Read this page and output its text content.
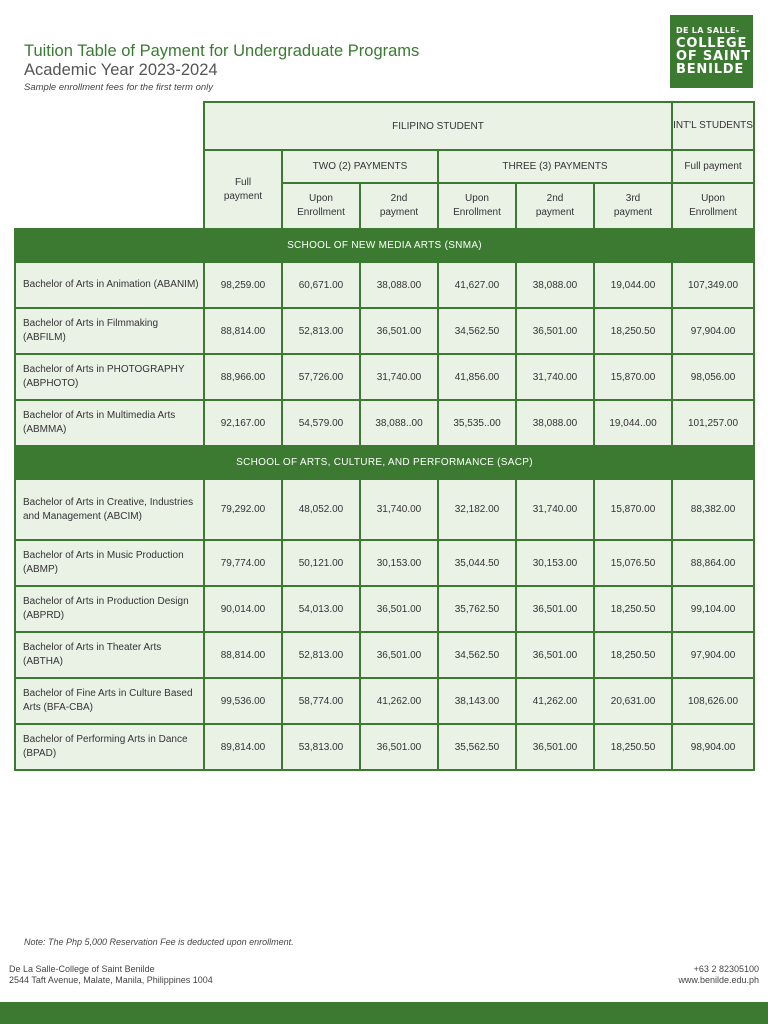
Tuition Table of Payment for Undergraduate Programs
Academic Year 2023-2024
Sample enrollment fees for the first term only
DE LA SALLE-
COLLEGE
OF SAINT
BENILDE
	FILIPINO STUDENT						INT'L STUDENTS
	Full payment	TWO (2) PAYMENTS		THREE (3) PAYMENTS			Full payment
		Upon Enrollment	2nd payment	Upon Enrollment	2nd payment	3rd payment	Upon Enrollment
SCHOOL OF NEW MEDIA ARTS (SNMA)							
Bachelor of Arts in Animation (ABANIM)	98,259.00	60,671.00	38,088.00	41,627.00	38,088.00	19,044.00	107,349.00
Bachelor of Arts in Filmmaking (ABFILM)	88,814.00	52,813.00	36,501.00	34,562.50	36,501.00	18,250.50	97,904.00
Bachelor of Arts in PHOTOGRAPHY (ABPHOTO)	88,966.00	57,726.00	31,740.00	41,856.00	31,740.00	15,870.00	98,056.00
Bachelor of Arts in Multimedia Arts (ABMMA)	92,167.00	54,579.00	38,088..00	35,535..00	38,088.00	19,044..00	101,257.00
SCHOOL OF ARTS, CULTURE, AND PERFORMANCE (SACP)							
Bachelor of Arts in Creative, Industries and Management (ABCIM)	79,292.00	48,052.00	31,740.00	32,182.00	31,740.00	15,870.00	88,382.00
Bachelor of Arts in Music Production (ABMP)	79,774.00	50,121.00	30,153.00	35,044.50	30,153.00	15,076.50	88,864.00
Bachelor of Arts in Production Design (ABPRD)	90,014.00	54,013.00	36,501.00	35,762.50	36,501.00	18,250.50	99,104.00
Bachelor of Arts in Theater Arts (ABTHA)	88,814.00	52,813.00	36,501.00	34,562.50	36,501.00	18,250.50	97,904.00
Bachelor of Fine Arts in Culture Based Arts (BFA-CBA)	99,536.00	58,774.00	41,262.00	38,143.00	41,262.00	20,631.00	108,626.00
Bachelor of Performing Arts in Dance (BPAD)	89,814.00	53,813.00	36,501.00	35,562.50	36,501.00	18,250.50	98,904.00
Note: The Php 5,000 Reservation Fee is deducted upon enrollment.
De La Salle-College of Saint Benilde
2544 Taft Avenue, Malate, Manila, Philippines 1004
+63 2 82305100
www.benilde.edu.ph
